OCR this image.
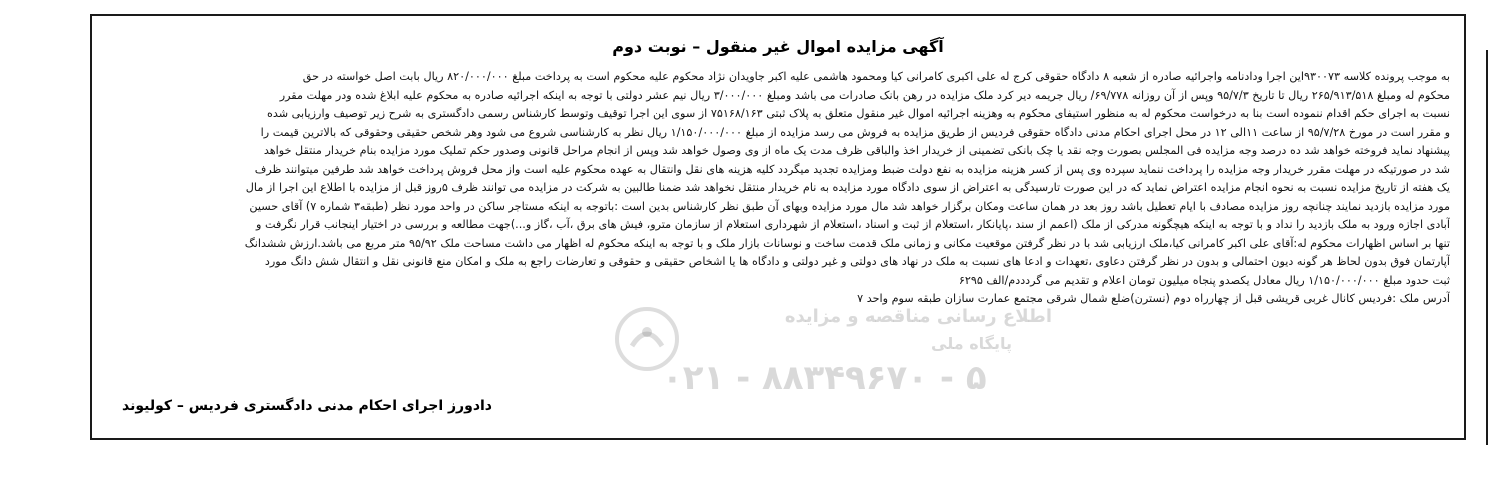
آگهی مزایده اموال غیر منقول – نوبت دوم

به موجب پرونده کلاسه ۹۳۰۰۷۳این اجرا ودادنامه واجرائیه صادره از شعبه ۸ دادگاه حقوقی کرج له علی اکبری کامرانی کیا ومحمود هاشمی علیه اکبر جاویدان نژاد محکوم علیه محکوم است به پرداخت مبلغ ۸۲۰/۰۰۰/۰۰۰ ریال بابت اصل خواسته در حق

محکوم له ومبلغ ۲۶۵/۹۱۳/۵۱۸ ریال تا تاریخ ۹۵/۷/۳ وپس از آن روزانه ۶۹/۷۷۸/ ریال جریمه دیر کرد ملک مزایده در رهن بانک صادرات می باشد ومبلغ ۳/۰۰۰/۰۰۰ ریال نیم عشر دولتی با توجه به اینکه اجرائیه صادره به محکوم علیه ابلاغ شده ودر مهلت مقرر

نسبت به اجرای حکم اقدام ننموده است بنا به درخواست محکوم له به منظور استیفای محکوم به وهزینه اجرائیه اموال غیر منقول متعلق به پلاک ثبتی ۷۵۱۶۸/۱۶۳ از سوی این اجرا توقیف وتوسط کارشناس رسمی دادگستری به شرح زیر توصیف وارزیابی شده

و مقرر است در مورخ ۹۵/۷/۲۸ از ساعت ۱۱الی ۱۲ در محل اجرای احکام مدنی دادگاه حقوقی فردیس از طریق مزایده به فروش می رسد مزایده از مبلغ ۱/۱۵۰/۰۰۰/۰۰۰ ریال نظر به کارشناسی شروع می شود وهر شخص حقیقی وحقوقی که بالاترین قیمت را

پیشنهاد نماید فروخته خواهد شد ده درصد وجه مزایده فی المجلس بصورت وجه نقد یا چک بانکی تضمینی از خریدار اخذ والباقی ظرف مدت یک ماه از وی وصول خواهد شد وپس از انجام مراحل قانونی وصدور حکم تملیک مورد مزایده بنام خریدار منتقل خواهد

شد در صورتیکه در مهلت مقرر خریدار وجه مزایده را پرداخت ننماید سپرده وی پس از کسر هزینه مزایده به نفع دولت ضبط ومزایده تجدید میگردد کلیه هزینه های نقل وانتقال به عهده محکوم علیه است واز محل فروش پرداخت خواهد شد طرفین میتوانند ظرف

یک هفته از تاریخ مزایده نسبت به نحوه انجام مزایده اعتراض نماید که در این صورت تارسیدگی به اعتراض از سوی دادگاه مورد مزایده به نام خریدار منتقل نخواهد شد ضمنا طالبین به شرکت در مزایده می توانند ظرف ۵روز قبل از مزایده با اطلاع این اجرا از مال

مورد مزایده بازدید نمایند چنانچه روز مزایده مصادف با ایام تعطیل باشد روز بعد در همان ساعت ومکان برگزار خواهد شد مال مورد مزایده وبهای آن طبق نظر کارشناس بدین است :باتوجه به اینکه مستاجر ساکن در واحد مورد نظر (طبقه۳ شماره ۷) آقای حسین

آبادی اجازه ورود به ملک بازدید را نداد و با توجه به اینکه هیچگونه مدرکی از ملک (اعمم از سند ،پایانکار ،استعلام از ثبت و اسناد ،استعلام از شهرداری استعلام از سازمان مترو، فیش های برق ،آب ،گاز و...)جهت مطالعه و بررسی در اختیار اینجانب قرار نگرفت و

تنها بر اساس اظهارات محکوم له:آقای علی اکبر کامرانی کیا،ملک ارزیابی شد با در نظر گرفتن موقعیت مکانی و زمانی ملک قدمت ساخت و نوسانات بازار ملک و با توجه به اینکه محکوم له اظهار می داشت مساحت ملک ۹۵/۹۲ متر مربع می باشد.ارزش ششدانگ

آپارتمان فوق بدون لحاظ هر گونه دیون احتمالی و بدون در نظر گرفتن دعاوی ،تعهدات و ادعا های نسبت به ملک در نهاد های دولتی و غیر دولتی و دادگاه ها یا اشخاص حقیقی و حقوقی و تعارضات راجع به ملک و امکان منع قانونی نقل و انتقال شش دانگ مورد

ثبت حدود مبلغ ۱/۱۵۰/۰۰۰/۰۰۰ ریال معادل یکصدو پنجاه میلیون تومان اعلام و تقدیم می گردددم/الف ۶۲۹۵

آدرس ملک :فردیس کانال غربی قریشی قبل از چهارراه دوم (نسترن)ضلع شمال شرقی مجتمع عمارت سازان طبقه سوم واحد ۷

دادورز اجرای احکام مدنی دادگستری فردیس – کولیوند
اطلاع رسانی مناقصه و مزایده
پایگاه ملی
۰۲۱ - ۸۸۳۴۹۶۷۰ - ۵
